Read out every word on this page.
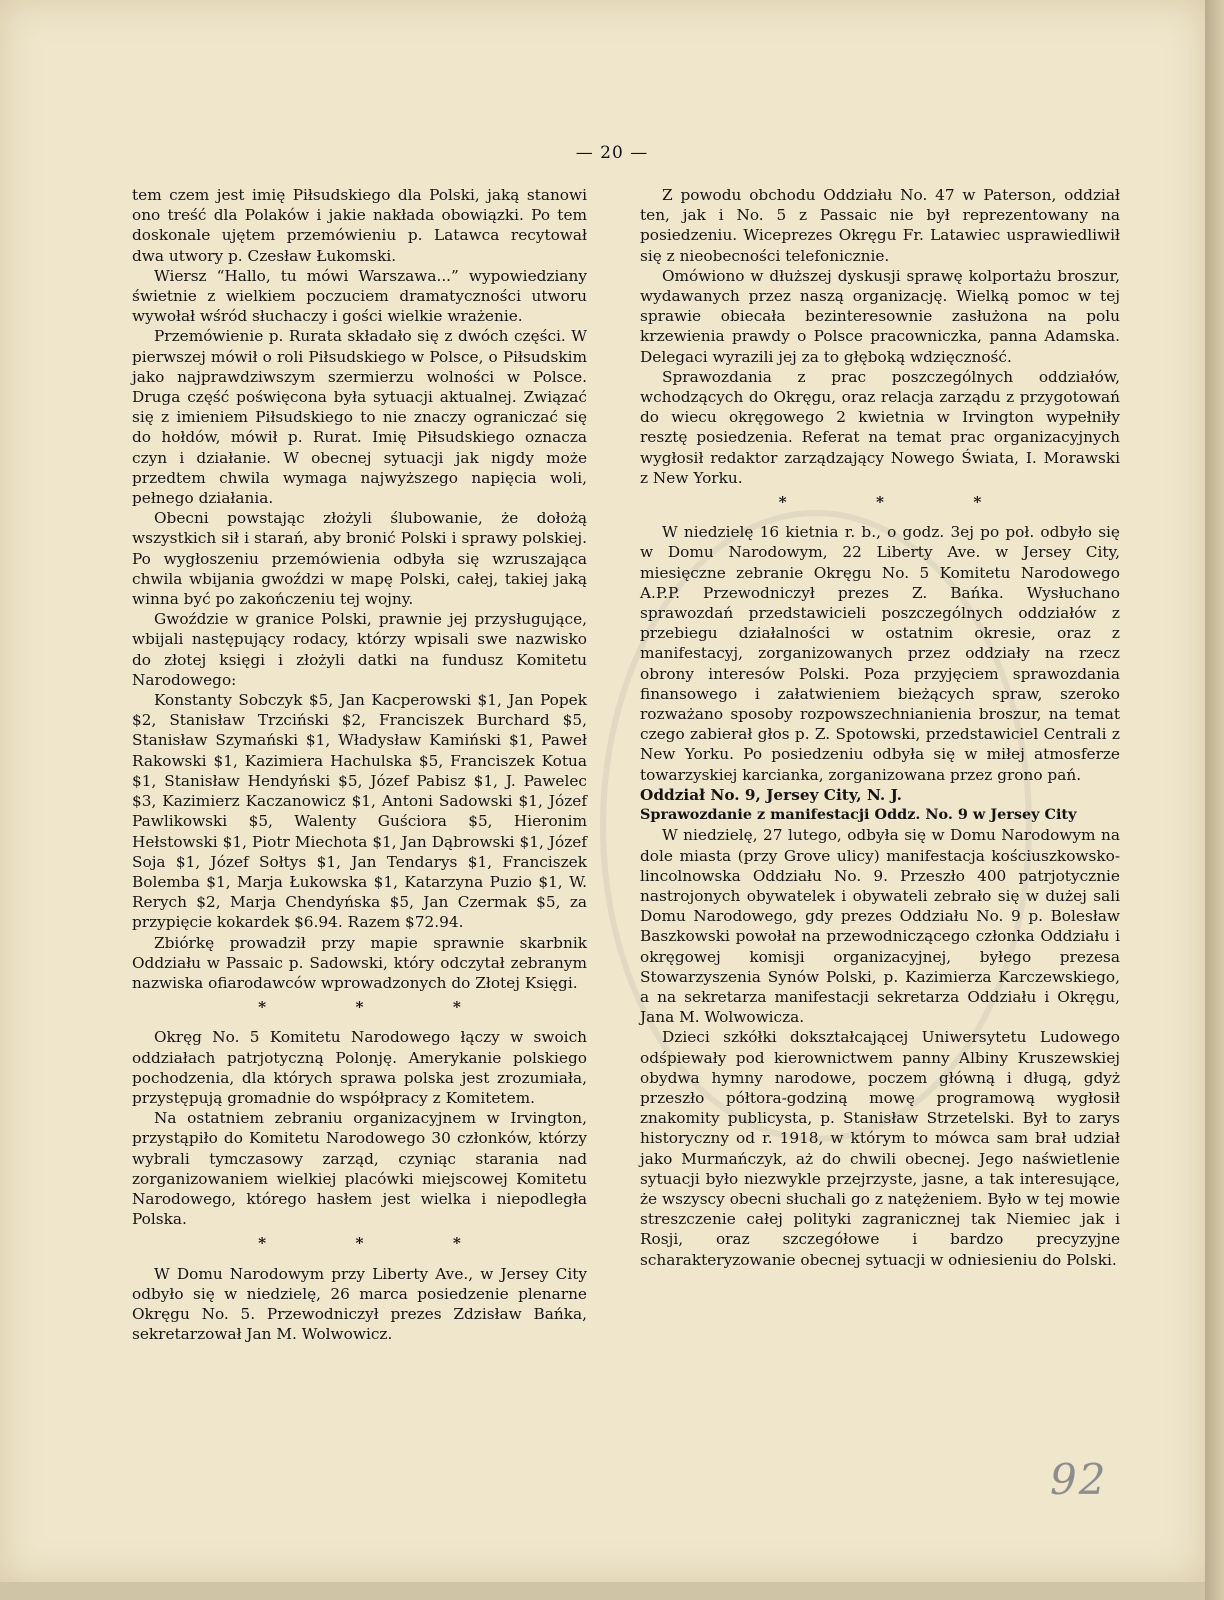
— 20 —

tem czem jest imię Piłsudskiego dla Polski, jaką stanowi ono treść dla Polaków i jakie nakłada obowiązki. Po tem doskonale ujętem przemówieniu p. Latawca recytował dwa utwory p. Czesław Łukomski.

Wiersz “Hallo, tu mówi Warszawa...” wypowiedziany świetnie z wielkiem poczuciem dramatyczności utworu wywołał wśród słuchaczy i gości wielkie wrażenie.

Przemówienie p. Rurata składało się z dwóch części. W pierwszej mówił o roli Piłsudskiego w Polsce, o Piłsudskim jako najprawdziwszym szermierzu wolności w Polsce. Druga część poświęcona była sytuacji aktualnej. Związać się z imieniem Piłsudskiego to nie znaczy ograniczać się do hołdów, mówił p. Rurat. Imię Piłsudskiego oznacza czyn i działanie. W obecnej sytuacji jak nigdy może przedtem chwila wymaga najwyższego napięcia woli, pełnego działania.

Obecni powstając złożyli ślubowanie, że dołożą wszystkich sił i starań, aby bronić Polski i sprawy polskiej. Po wygłoszeniu przemówienia odbyła się wzruszająca chwila wbijania gwoździ w mapę Polski, całej, takiej jaką winna być po zakończeniu tej wojny.

Gwoździe w granice Polski, prawnie jej przysługujące, wbijali następujący rodacy, którzy wpisali swe nazwisko do złotej księgi i złożyli datki na fundusz Komitetu Narodowego:

Konstanty Sobczyk $5, Jan Kacperowski $1, Jan Popek $2, Stanisław Trzciński $2, Franciszek Burchard $5, Stanisław Szymański $1, Władysław Kamiński $1, Paweł Rakowski $1, Kazimiera Hachulska $5, Franciszek Kotua $1, Stanisław Hendyński $5, Józef Pabisz $1, J. Pawelec $3, Kazimierz Kaczanowicz $1, Antoni Sadowski $1, Józef Pawlikowski $5, Walenty Guściora $5, Hieronim Hełstowski $1, Piotr Miechota $1, Jan Dąbrowski $1, Józef Soja $1, Józef Sołtys $1, Jan Tendarys $1, Franciszek Bolemba $1, Marja Łukowska $1, Katarzyna Puzio $1, W. Rerych $2, Marja Chendyńska $5, Jan Czermak $5, za przypięcie kokardek $6.94. Razem $72.94.

Zbiórkę prowadził przy mapie sprawnie skarbnik Oddziału w Passaic p. Sadowski, który odczytał zebranym nazwiska ofiarodawców wprowadzonych do Złotej Księgi.

* * *

Okręg No. 5 Komitetu Narodowego łączy w swoich oddziałach patrjotyczną Polonję. Amerykanie polskiego pochodzenia, dla których sprawa polska jest zrozumiała, przystępują gromadnie do współpracy z Komitetem.

Na ostatniem zebraniu organizacyjnem w Irvington, przystąpiło do Komitetu Narodowego 30 członków, którzy wybrali tymczasowy zarząd, czyniąc starania nad zorganizowaniem wielkiej placówki miejscowej Komitetu Narodowego, którego hasłem jest wielka i niepodległa Polska.

* * *

W Domu Narodowym przy Liberty Ave., w Jersey City odbyło się w niedzielę, 26 marca posiedzenie plenarne Okręgu No. 5. Przewodniczył prezes Zdzisław Bańka, sekretarzował Jan M. Wolwowicz.

Z powodu obchodu Oddziału No. 47 w Paterson, oddział ten, jak i No. 5 z Passaic nie był reprezentowany na posiedzeniu. Wiceprezes Okręgu Fr. Latawiec usprawiedliwił się z nieobecności telefonicznie.

Omówiono w dłuższej dyskusji sprawę kolportażu broszur, wydawanych przez naszą organizację. Wielką pomoc w tej sprawie obiecała bezinteresownie zasłużona na polu krzewienia prawdy o Polsce pracowniczka, panna Adamska. Delegaci wyrazili jej za to głęboką wdzięczność.

Sprawozdania z prac poszczególnych oddziałów, wchodzących do Okręgu, oraz relacja zarządu z przygotowań do wiecu okręgowego 2 kwietnia w Irvington wypełniły resztę posiedzenia. Referat na temat prac organizacyjnych wygłosił redaktor zarządzający Nowego Świata, I. Morawski z New Yorku.

* * *

W niedzielę 16 kietnia r. b., o godz. 3ej po poł. odbyło się w Domu Narodowym, 22 Liberty Ave. w Jersey City, miesięczne zebranie Okręgu No. 5 Komitetu Narodowego A.P.P. Przewodniczył prezes Z. Bańka. Wysłuchano sprawozdań przedstawicieli poszczególnych oddziałów z przebiegu działalności w ostatnim okresie, oraz z manifestacyj, zorganizowanych przez oddziały na rzecz obrony interesów Polski. Poza przyjęciem sprawozdania finansowego i załatwieniem bieżących spraw, szeroko rozważano sposoby rozpowszechnianienia broszur, na temat czego zabierał głos p. Z. Spotowski, przedstawiciel Centrali z New Yorku. Po posiedzeniu odbyła się w miłej atmosferze towarzyskiej karcianka, zorganizowana przez grono pań.

Oddział No. 9, Jersey City, N. J.

Sprawozdanie z manifestacji Oddz. No. 9 w Jersey City

W niedzielę, 27 lutego, odbyła się w Domu Narodowym na dole miasta (przy Grove ulicy) manifestacja kościuszkowsko-lincolnowska Oddziału No. 9. Przeszło 400 patrjotycznie nastrojonych obywatelek i obywateli zebrało się w dużej sali Domu Narodowego, gdy prezes Oddziału No. 9 p. Bolesław Baszkowski powołał na przewodniczącego członka Oddziału i okręgowej komisji organizacyjnej, byłego prezesa Stowarzyszenia Synów Polski, p. Kazimierza Karczewskiego, a na sekretarza manifestacji sekretarza Oddziału i Okręgu, Jana M. Wolwowicza.

Dzieci szkółki dokształcającej Uniwersytetu Ludowego odśpiewały pod kierownictwem panny Albiny Kruszewskiej obydwa hymny narodowe, poczem główną i długą, gdyż przeszło półtora-godziną mowę programową wygłosił znakomity publicysta, p. Stanisław Strzetelski. Był to zarys historyczny od r. 1918, w którym to mówca sam brał udział jako Murmańczyk, aż do chwili obecnej. Jego naświetlenie sytuacji było niezwykle przejrzyste, jasne, a tak interesujące, że wszyscy obecni słuchali go z natężeniem. Było w tej mowie streszczenie całej polityki zagranicznej tak Niemiec jak i Rosji, oraz szczegółowe i bardzo precyzyjne scharakteryzowanie obecnej sytuacji w odniesieniu do Polski.

92
